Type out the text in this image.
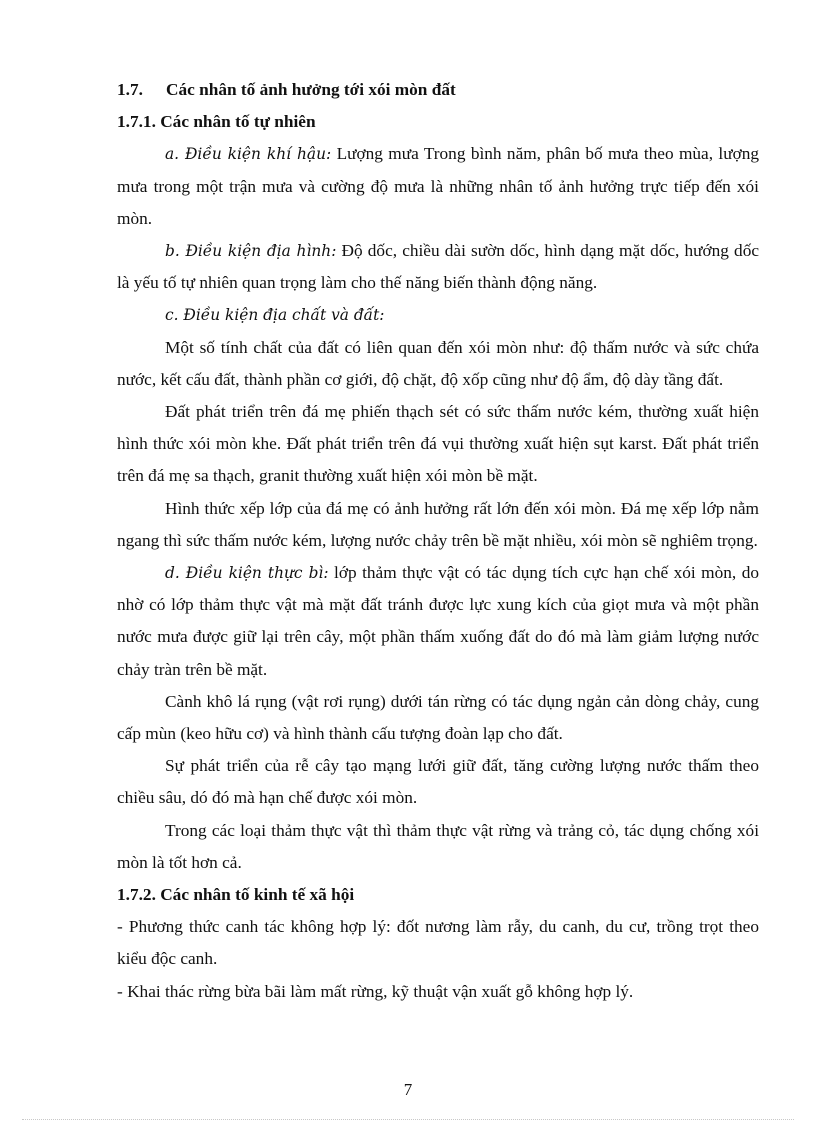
1.7. Các nhân tố ảnh hưởng tới xói mòn đất
1.7.1. Các nhân tố tự nhiên

a. Điều kiện khí hậu: Lượng mưa Trong bình năm, phân bố mưa theo mùa, lượng mưa trong một trận mưa và cường độ mưa là những nhân tố ảnh hưởng trực tiếp đến xói mòn.

b. Điều kiện địa hình: Độ dốc, chiều dài sườn dốc, hình dạng mặt dốc, hướng dốc là yếu tố tự nhiên quan trọng làm cho thế năng biến thành động năng.

c. Điều kiện địa chất và đất:

Một số tính chất của đất có liên quan đến xói mòn như: độ thấm nước và sức chứa nước, kết cấu đất, thành phần cơ giới, độ chặt, độ xốp cũng như độ ẩm, độ dày tầng đất.

Đất phát triển trên đá mẹ phiến thạch sét có sức thấm nước kém, thường xuất hiện hình thức xói mòn khe. Đất phát triển trên đá vụi thường xuất hiện sụt karst. Đất phát triển trên đá mẹ sa thạch, granit thường xuất hiện xói mòn bề mặt.

Hình thức xếp lớp của đá mẹ có ảnh hưởng rất lớn đến xói mòn. Đá mẹ xếp lớp nằm ngang thì sức thấm nước kém, lượng nước chảy trên bề mặt nhiều, xói mòn sẽ nghiêm trọng.

d. Điều kiện thực bì: lớp thảm thực vật có tác dụng tích cực hạn chế xói mòn, do nhờ có lớp thảm thực vật mà mặt đất tránh được lực xung kích của giọt mưa và một phần nước mưa được giữ lại trên cây, một phần thấm xuống đất do đó mà làm giảm lượng nước chảy tràn trên bề mặt.

Cành khô lá rụng (vật rơi rụng) dưới tán rừng có tác dụng ngản cản dòng chảy, cung cấp mùn (keo hữu cơ) và hình thành cấu tượng đoàn lạp cho đất.

Sự phát triển của rễ cây tạo mạng lưới giữ đất, tăng cường lượng nước thấm theo chiều sâu, dó đó mà hạn chế được xói mòn.

Trong các loại thảm thực vật thì thảm thực vật rừng và trảng cỏ, tác dụng chống xói mòn là tốt hơn cả.

1.7.2. Các nhân tố kinh tế xã hội

- Phương thức canh tác không hợp lý: đốt nương làm rẫy, du canh, du cư, trồng trọt theo kiểu độc canh.

- Khai thác rừng bừa bãi làm mất rừng, kỹ thuật vận xuất gỗ không hợp lý.

7
